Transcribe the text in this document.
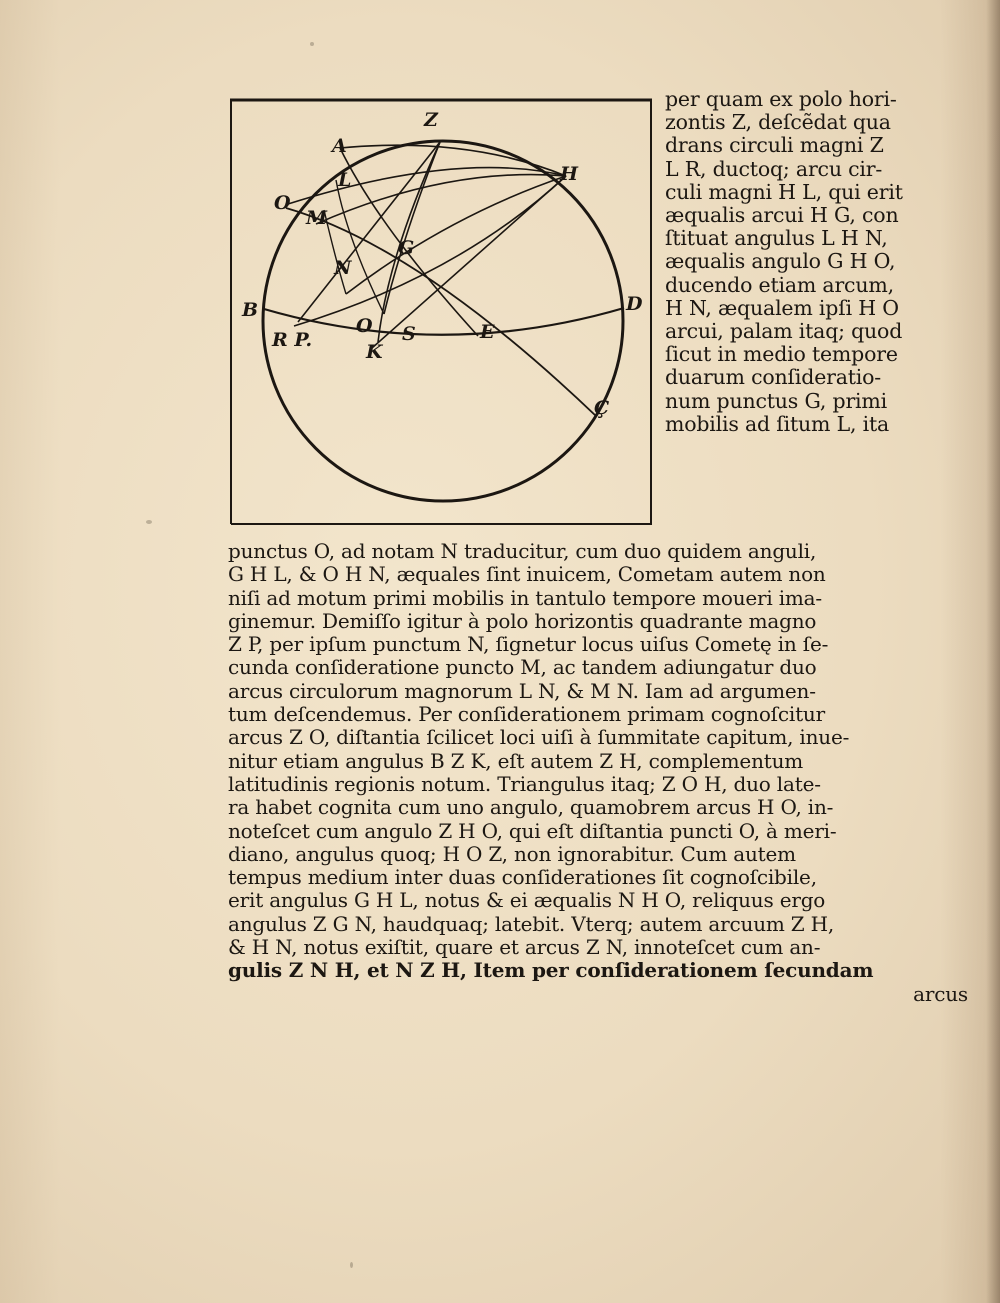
Z
A
L	H
O
M
N
G
B	D
R P.
O S
K
E
Ç
per quam ex polo hori‑
zontis Z, deſcẽdat qua
drans circuli magni Z
L R, ductoq; arcu cir‑
culi magni H L, qui erit
æqualis arcui H G, con
ſtituat angulus L H N,
æqualis angulo G H O,
ducendo etiam arcum,
H N, æqualem ipſi H O
arcui, palam itaq; quod
ſicut in medio tempore
duarum conſideratio‑
num punctus G, primi
mobilis ad ſitum L, ita
punctus O, ad notam N traducitur, cum duo quidem anguli,
G H L, & O H N, æquales ſint inuicem, Cometam autem non
niſi ad motum primi mobilis in tantulo tempore moueri ima‑
ginemur. Demiſſo igitur à polo horizontis quadrante magno
Z P, per ipſum punctum N, ſignetur locus uiſus Cometę in ſe‑
cunda conſideratione puncto M, ac tandem adiungatur duo
arcus circulorum magnorum L N, & M N. Iam ad argumen‑
tum deſcendemus. Per conſiderationem primam cognoſcitur
arcus Z O, diſtantia ſcilicet loci uiſi à ſummitate capitum, inue‑
nitur etiam angulus B Z K, eſt autem Z H, complementum
latitudinis regionis notum. Triangulus itaq; Z O H, duo late‑
ra habet cognita cum uno angulo, quamobrem arcus H O, in‑
noteſcet cum angulo Z H O, qui eſt diſtantia puncti O, à meri‑
diano, angulus quoq; H O Z, non ignorabitur. Cum autem
tempus medium inter duas conſiderationes ſit cognoſcibile,
erit angulus G H L, notus & ei æqualis N H O, reliquus ergo
angulus Z G N, haudquaq; latebit. Vterq; autem arcuum Z H,
& H N, notus exiſtit, quare et arcus Z N, innoteſcet cum an‑
gulis Z N H, et N Z H, Item per conſiderationem ſecundam
arcus
